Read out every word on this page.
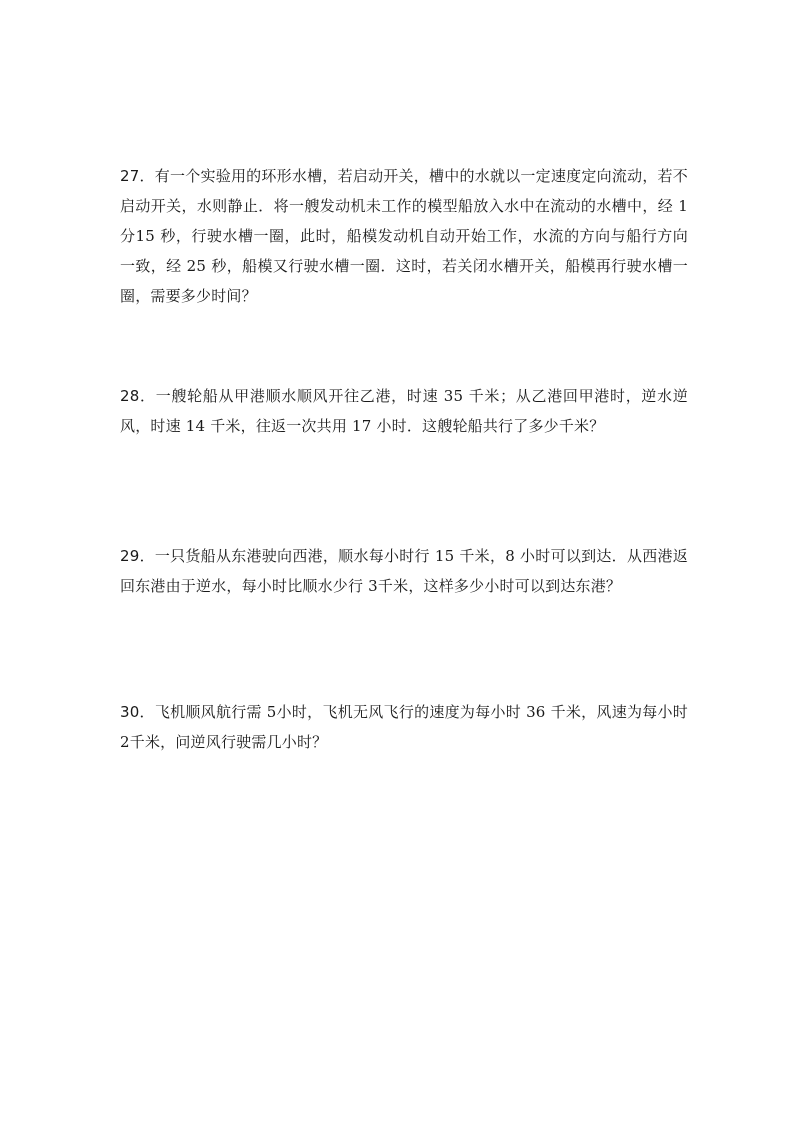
27．有一个实验用的环形水槽，若启动开关，槽中的水就以一定速度定向流动，若不启动开关，水则静止．将一艘发动机未工作的模型船放入水中在流动的水槽中，经 1分15 秒，行驶水槽一圈，此时，船模发动机自动开始工作，水流的方向与船行方向一致，经 25 秒，船模又行驶水槽一圈．这时，若关闭水槽开关，船模再行驶水槽一圈，需要多少时间？

28．一艘轮船从甲港顺水顺风开往乙港，时速 35 千米；从乙港回甲港时，逆水逆风，时速 14 千米，往返一次共用 17 小时．这艘轮船共行了多少千米？

29．一只货船从东港驶向西港，顺水每小时行 15 千米，8 小时可以到达．从西港返回东港由于逆水，每小时比顺水少行 3千米，这样多少小时可以到达东港？

30．飞机顺风航行需 5小时，飞机无风飞行的速度为每小时 36 千米，风速为每小时 2千米，问逆风行驶需几小时？
